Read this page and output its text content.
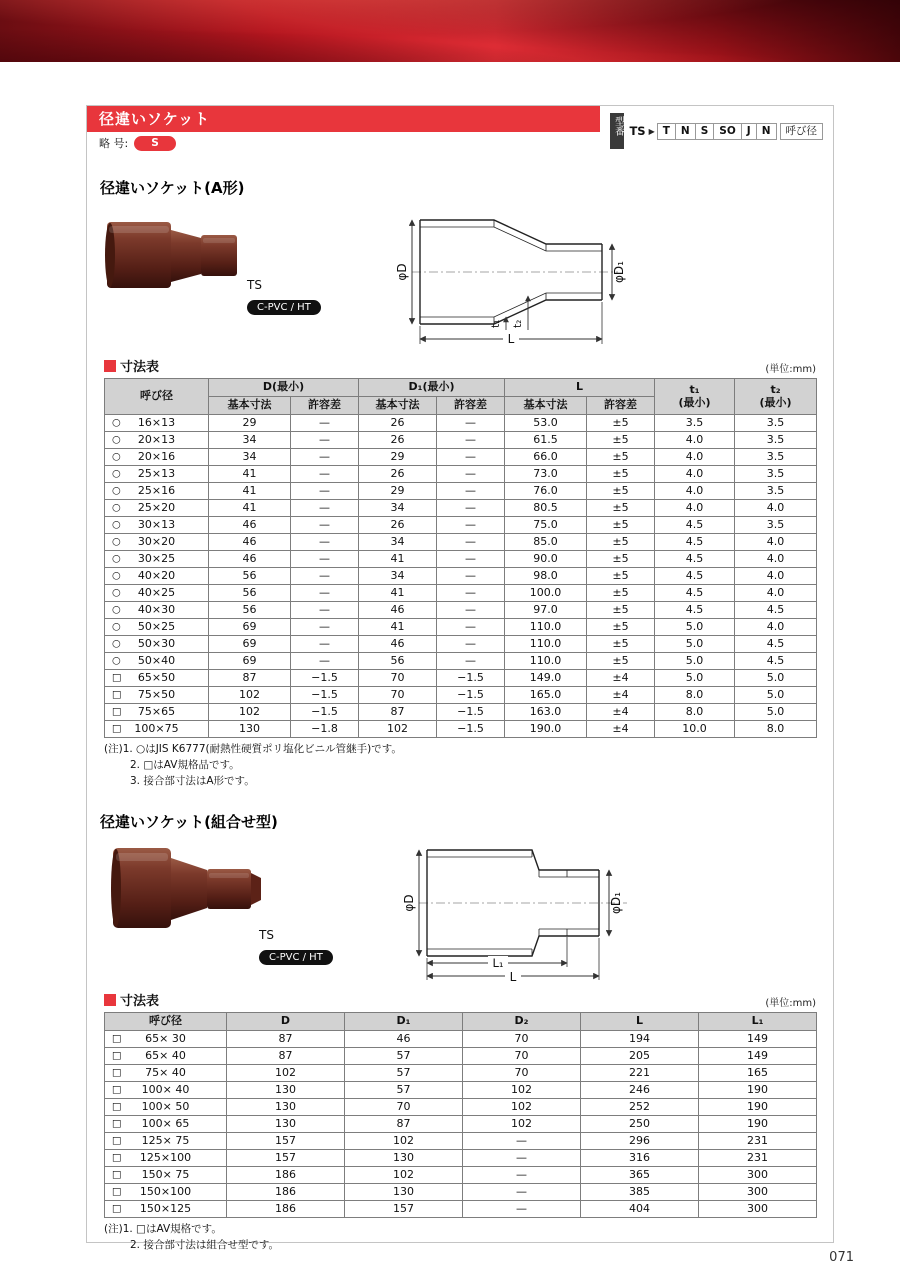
径違いソケット
略 号:	S
型番 TS ▶ T	N	S	SO	J	N	呼び径
径違いソケット(A形)
TS
C-PVC / HT
φD	φD₁
t₁ t₂
L
寸法表	(単位:mm)
呼び径	D(最小)	D₁(最小)	L	t₁
(最小)

t₂
(最小)

	基本寸法	許容差	基本寸法	許容差	基本寸法	許容差		

○ 16×13	29	—	26	—	53.0	±5	3.5	3.5

○ 20×13	34	—	26	—	61.5	±5	4.0	3.5

○ 20×16	34	—	29	—	66.0	±5	4.0	3.5

○ 25×13	41	—	26	—	73.0	±5	4.0	3.5

○ 25×16	41	—	29	—	76.0	±5	4.0	3.5

○ 25×20	41	—	34	—	80.5	±5	4.0	4.0

○ 30×13	46	—	26	—	75.0	±5	4.5	3.5

○ 30×20	46	—	34	—	85.0	±5	4.5	4.0

○ 30×25	46	—	41	—	90.0	±5	4.5	4.0

○ 40×20	56	—	34	—	98.0	±5	4.5	4.0

○ 40×25	56	—	41	—	100.0	±5	4.5	4.0

○ 40×30	56	—	46	—	97.0	±5	4.5	4.5

○ 50×25	69	—	41	—	110.0	±5	5.0	4.0

○ 50×30	69	—	46	—	110.0	±5	5.0	4.5

○ 50×40	69	—	56	—	110.0	±5	5.0	4.5

□ 65×50	87	−1.5	70	−1.5	149.0	±4	5.0	5.0

□ 75×50	102	−1.5	70	−1.5	165.0	±4	8.0	5.0

□ 75×65	102	−1.5	87	−1.5	163.0	±4	8.0	5.0

□ 100×75	130	−1.8	102	−1.5	190.0	±4	10.0	8.0
(注)1. ○はJIS K6777(耐熱性硬質ポリ塩化ビニル管継手)です。
2. □はAV規格品です。
3. 接合部寸法はA形です。
径違いソケット(組合せ型)
TS
C-PVC / HT
φD	φD₁
L₁
L
寸法表	(単位:mm)
呼び径	D	D₁	D₂	L	L₁

□ 65× 30	87	46	70	194	149

□ 65× 40	87	57	70	205	149

□ 75× 40	102	57	70	221	165

□ 100× 40	130	57	102	246	190

□ 100× 50	130	70	102	252	190

□ 100× 65	130	87	102	250	190

□ 125× 75	157	102	—	296	231

□ 125×100	157	130	—	316	231

□ 150× 75	186	102	—	365	300

□ 150×100	186	130	—	385	300

□ 150×125	186	157	—	404	300
(注)1. □はAV規格です。
2. 接合部寸法は組合せ型です。
071
